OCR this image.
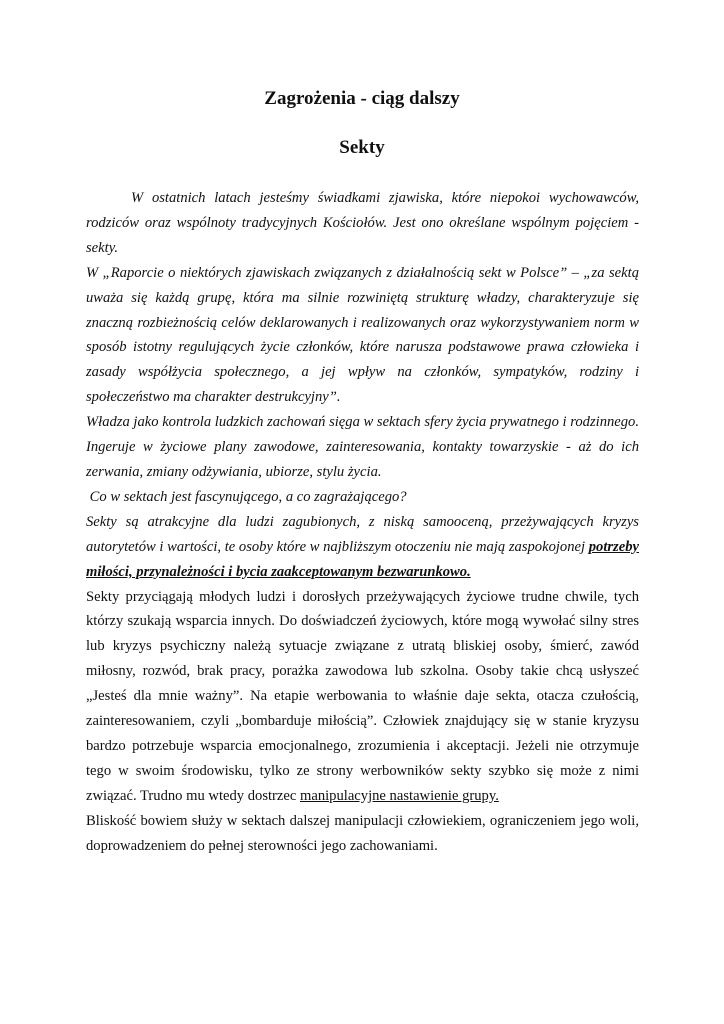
Zagrożenia - ciąg dalszy
Sekty

W ostatnich latach jesteśmy świadkami zjawiska, które niepokoi wychowawców, rodziców oraz wspólnoty tradycyjnych Kościołów. Jest ono określane wspólnym pojęciem - sekty.

W „Raporcie o niektórych zjawiskach związanych z działalnością sekt w Polsce” – „za sektą uważa się każdą grupę, która ma silnie rozwiniętą strukturę władzy, charakteryzuje się znaczną rozbieżnością celów deklarowanych i realizowanych oraz wykorzystywaniem norm w sposób istotny regulujących życie członków, które narusza podstawowe prawa człowieka i zasady współżycia społecznego, a jej wpływ na członków, sympatyków, rodziny i społeczeństwo ma charakter destrukcyjny”.

Władza jako kontrola ludzkich zachowań sięga w sektach sfery życia prywatnego i rodzinnego.

Ingeruje w życiowe plany zawodowe, zainteresowania, kontakty towarzyskie - aż do ich zerwania, zmiany odżywiania, ubiorze, stylu życia.

Co w sektach jest fascynującego, a co zagrażającego?

Sekty są atrakcyjne dla ludzi zagubionych, z niską samooceną, przeżywających kryzys autorytetów i wartości, te osoby które w najbliższym otoczeniu nie mają zaspokojonej potrzeby miłości, przynależności i bycia zaakceptowanym bezwarunkowo.

Sekty przyciągają młodych ludzi i dorosłych przeżywających życiowe trudne chwile, tych którzy szukają wsparcia innych. Do doświadczeń życiowych, które mogą wywołać silny stres lub kryzys psychiczny należą sytuacje związane z utratą bliskiej osoby, śmierć, zawód miłosny, rozwód, brak pracy, porażka zawodowa lub szkolna. Osoby takie chcą usłyszeć „Jesteś dla mnie ważny”. Na etapie werbowania to właśnie daje sekta, otacza czułością, zainteresowaniem, czyli „bombarduje miłością”. Człowiek znajdujący się w stanie kryzysu bardzo potrzebuje wsparcia emocjonalnego, zrozumienia i akceptacji. Jeżeli nie otrzymuje tego w swoim środowisku, tylko ze strony werbowników sekty szybko się może z nimi związać. Trudno mu wtedy dostrzec manipulacyjne nastawienie grupy.

Bliskość bowiem służy w sektach dalszej manipulacji człowiekiem, ograniczeniem jego woli, doprowadzeniem do pełnej sterowności jego zachowaniami.
